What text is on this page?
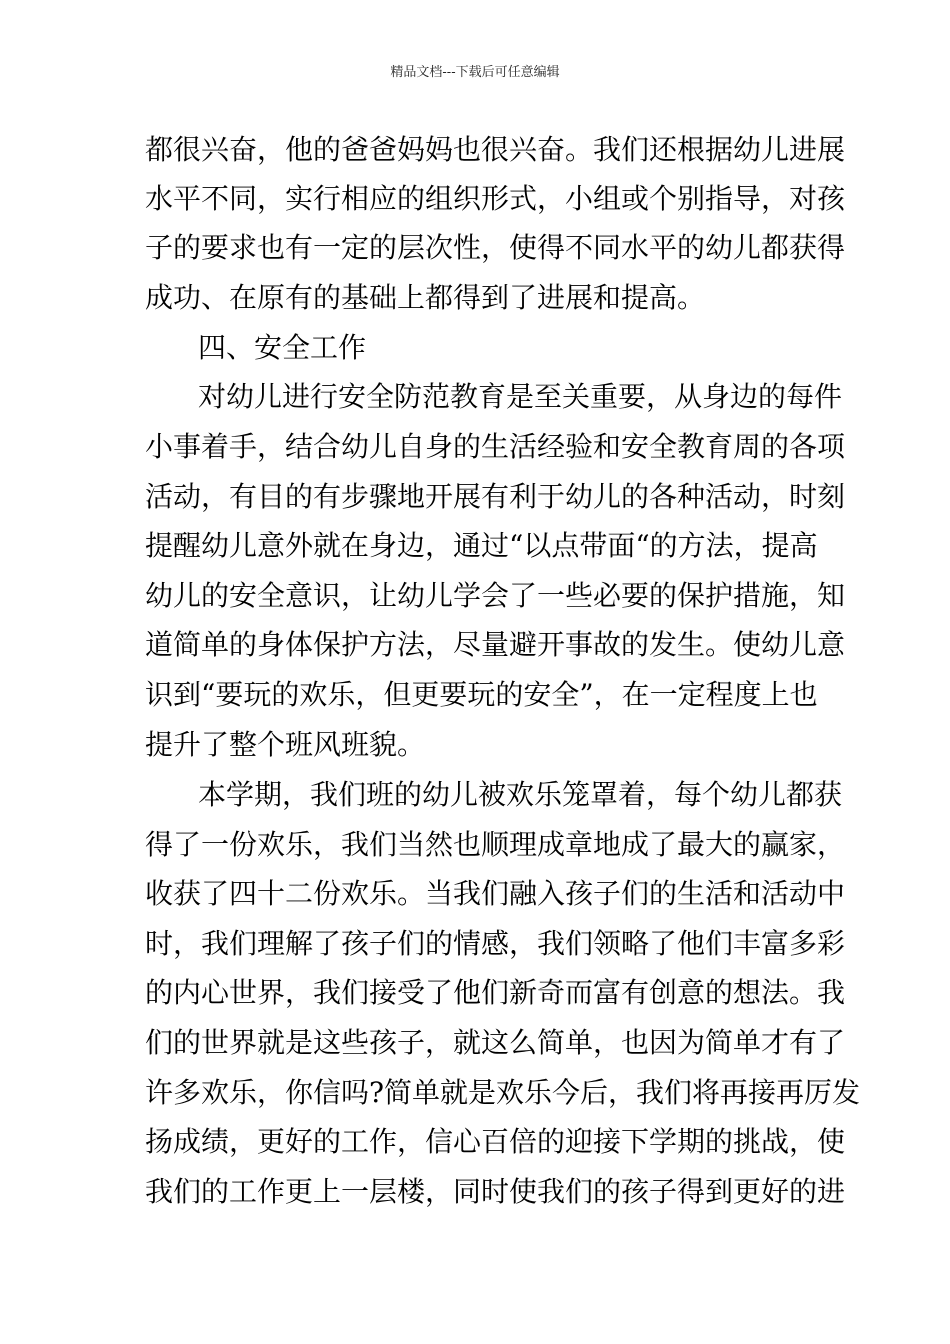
精品文档---下载后可任意编辑
都很兴奋，他的爸爸妈妈也很兴奋。我们还根据幼儿进展
水平不同，实行相应的组织形式，小组或个别指导，对孩
子的要求也有一定的层次性，使得不同水平的幼儿都获得
成功、在原有的基础上都得到了进展和提高。
四、安全工作
对幼儿进行安全防范教育是至关重要，从身边的每件
小事着手，结合幼儿自身的生活经验和安全教育周的各项
活动，有目的有步骤地开展有利于幼儿的各种活动，时刻
提醒幼儿意外就在身边，通过“以点带面“的方法，提高
幼儿的安全意识，让幼儿学会了一些必要的保护措施，知
道简单的身体保护方法，尽量避开事故的发生。使幼儿意
识到“要玩的欢乐，但更要玩的安全”，在一定程度上也
提升了整个班风班貌。
本学期，我们班的幼儿被欢乐笼罩着，每个幼儿都获
得了一份欢乐，我们当然也顺理成章地成了最大的赢家，
收获了四十二份欢乐。当我们融入孩子们的生活和活动中
时，我们理解了孩子们的情感，我们领略了他们丰富多彩
的内心世界，我们接受了他们新奇而富有创意的想法。我
们的世界就是这些孩子，就这么简单，也因为简单才有了
许多欢乐，你信吗?简单就是欢乐今后，我们将再接再厉发
扬成绩，更好的工作，信心百倍的迎接下学期的挑战，使
我们的工作更上一层楼，同时使我们的孩子得到更好的进
